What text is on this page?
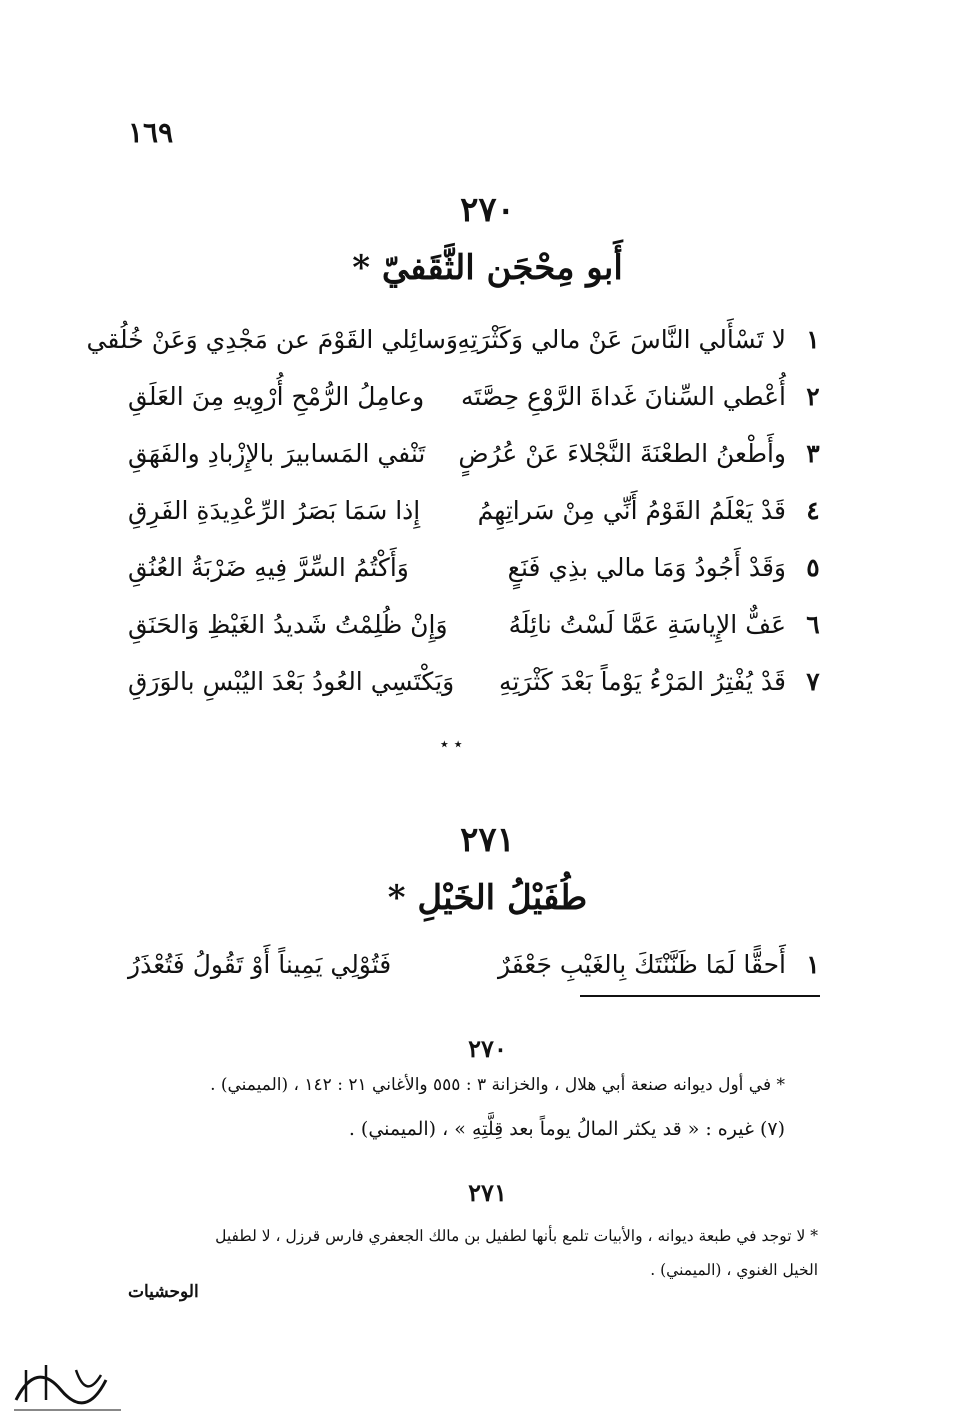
١٦٩
٢٧٠
أَبو مِحْجَن الثَّقَفيّ *
١
لا تَسْأَلي النَّاسَ عَنْ مالي وَكَثْرَتِهِ
وَسائِلي القَوْمَ عن مَجْدِي وَعَنْ خُلُقي
٢
أُعْطي السِّنانَ غَداةَ الرَّوْعِ حِصَّتَه
وعامِلُ الرُّمْحِ أُرْوِيهِ مِنَ العَلَقِ
٣
وأَطْعنُ الطعْنَةَ النَّجْلاءَ عَنْ عُرُضٍ
تَنْفي المَسابيرَ بالإِزْبادِ والفَهَقِ
٤
قَدْ يَعْلَمُ القَوْمُ أَنِّي مِنْ سَراتِهِمُ
إِذا سَمَا بَصَرُ الرِّعْدِيدَةِ الفَرِقِ
٥
وَقَدْ أَجُودُ وَمَا مالي بذِي فَنَعٍ
وَأَكْتُمُ السِّرَّ فِيهِ ضَرْبَةُ العُنُقِ
٦
عَفٌّ الإِياسَةِ عَمَّا لَسْتُ نائِلَهُ
وَإِنْ ظُلِمْتُ شَديدُ الغَيْظِ وَالحَنَقِ
٧
قَدْ يُفْتِرُ المَرْءُ يَوْماً بَعْدَ كَثْرَتِهِ
وَيَكْتَسِي العُودُ بَعْدَ اليُبْسِ بالوَرَقِ
٭ ٭
٢٧١
طُفَيْلُ الخَيْلِ *
١
أَحقًّا لَمَا ظَنَّنْتَكَ بِالغَيْبِ جَعْفَرٌ
فَتُوْلِي يَمِيناً أَوْ تَقُولُ فَتُعْذَرُ
٢٧٠
* في أول ديوانه صنعة أبي هلال ، والخزانة ٣ : ٥٥٥ والأغاني ٢١ : ١٤٢ ، (الميمني) .
(٧) غيره : « قد يكثر المالُ يوماً بعد قِلَّتِهِ » ، (الميمني) .
٢٧١
* لا توجد في طبعة ديوانه ، والأبيات تلمع بأنها لطفيل بن مالك الجعفري فارس قرزل ، لا لطفيل
الخيل الغنوي ، (الميمني) .
الوحشيات
